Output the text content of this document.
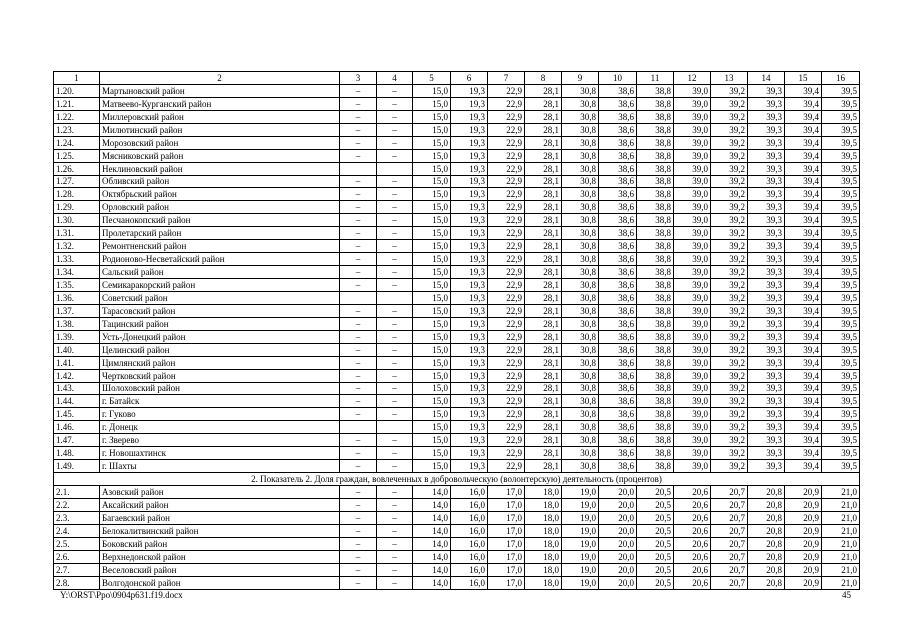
1	2	3	4	5	6	7	8	9	10	11	12	13	14	15	16
1.20.	Мартыновский район	–	–	15,0	19,3	22,9	28,1	30,8	38,6	38,8	39,0	39,2	39,3	39,4	39,5
1.21.	Матвеево-Курганский район	–	–	15,0	19,3	22,9	28,1	30,8	38,6	38,8	39,0	39,2	39,3	39,4	39,5
1.22.	Миллеровский район	–	–	15,0	19,3	22,9	28,1	30,8	38,6	38,8	39,0	39,2	39,3	39,4	39,5
1.23.	Милютинский район	–	–	15,0	19,3	22,9	28,1	30,8	38,6	38,8	39,0	39,2	39,3	39,4	39,5
1.24.	Морозовский район	–	–	15,0	19,3	22,9	28,1	30,8	38,6	38,8	39,0	39,2	39,3	39,4	39,5
1.25.	Мясниковский район	–	–	15,0	19,3	22,9	28,1	30,8	38,6	38,8	39,0	39,2	39,3	39,4	39,5
1.26.	Неклиновский район			15,0	19,3	22,9	28,1	30,8	38,6	38,8	39,0	39,2	39,3	39,4	39,5
1.27.	Обливский район	–	–	15,0	19,3	22,9	28,1	30,8	38,6	38,8	39,0	39,2	39,3	39,4	39,5
1.28.	Октябрьский район	–	–	15,0	19,3	22,9	28,1	30,8	38,6	38,8	39,0	39,2	39,3	39,4	39,5
1.29.	Орловский район	–	–	15,0	19,3	22,9	28,1	30,8	38,6	38,8	39,0	39,2	39,3	39,4	39,5
1.30.	Песчанокопский район	–	–	15,0	19,3	22,9	28,1	30,8	38,6	38,8	39,0	39,2	39,3	39,4	39,5
1.31.	Пролетарский район	–	–	15,0	19,3	22,9	28,1	30,8	38,6	38,8	39,0	39,2	39,3	39,4	39,5
1.32.	Ремонтненский район	–	–	15,0	19,3	22,9	28,1	30,8	38,6	38,8	39,0	39,2	39,3	39,4	39,5
1.33.	Родионово-Несветайский район	–	–	15,0	19,3	22,9	28,1	30,8	38,6	38,8	39,0	39,2	39,3	39,4	39,5
1.34.	Сальский район	–	–	15,0	19,3	22,9	28,1	30,8	38,6	38,8	39,0	39,2	39,3	39,4	39,5
1.35.	Семикаракорский район	–	–	15,0	19,3	22,9	28,1	30,8	38,6	38,8	39,0	39,2	39,3	39,4	39,5
1.36.	Советский район			15,0	19,3	22,9	28,1	30,8	38,6	38,8	39,0	39,2	39,3	39,4	39,5
1.37.	Тарасовский район	–	–	15,0	19,3	22,9	28,1	30,8	38,6	38,8	39,0	39,2	39,3	39,4	39,5
1.38.	Тацинский район	–	–	15,0	19,3	22,9	28,1	30,8	38,6	38,8	39,0	39,2	39,3	39,4	39,5
1.39.	Усть-Донецкий район	–	–	15,0	19,3	22,9	28,1	30,8	38,6	38,8	39,0	39,2	39,3	39,4	39,5
1.40.	Целинский район	–	–	15,0	19,3	22,9	28,1	30,8	38,6	38,8	39,0	39,2	39,3	39,4	39,5
1.41.	Цимлянский район	–	–	15,0	19,3	22,9	28,1	30,8	38,6	38,8	39,0	39,2	39,3	39,4	39,5
1.42.	Чертковский район	–	–	15,0	19,3	22,9	28,1	30,8	38,6	38,8	39,0	39,2	39,3	39,4	39,5
1.43.	Шолоховский район	–	–	15,0	19,3	22,9	28,1	30,8	38,6	38,8	39,0	39,2	39,3	39,4	39,5
1.44.	г. Батайск	–	–	15,0	19,3	22,9	28,1	30,8	38,6	38,8	39,0	39,2	39,3	39,4	39,5
1.45.	г. Гуково	–	–	15,0	19,3	22,9	28,1	30,8	38,6	38,8	39,0	39,2	39,3	39,4	39,5
1.46.	г. Донецк			15,0	19,3	22,9	28,1	30,8	38,6	38,8	39,0	39,2	39,3	39,4	39,5
1.47.	г. Зверево	–	–	15,0	19,3	22,9	28,1	30,8	38,6	38,8	39,0	39,2	39,3	39,4	39,5
1.48.	г. Новошахтинск	–	–	15,0	19,3	22,9	28,1	30,8	38,6	38,8	39,0	39,2	39,3	39,4	39,5
1.49.	г. Шахты	–	–	15,0	19,3	22,9	28,1	30,8	38,6	38,8	39,0	39,2	39,3	39,4	39,5
2. Показатель 2. Доля граждан, вовлеченных в добровольческую (волонтерскую) деятельность (процентов)															
2.1.	Азовский район	–	–	14,0	16,0	17,0	18,0	19,0	20,0	20,5	20,6	20,7	20,8	20,9	21,0
2.2.	Аксайский район	–	–	14,0	16,0	17,0	18,0	19,0	20,0	20,5	20,6	20,7	20,8	20,9	21,0
2.3.	Багаевский район	–	–	14,0	16,0	17,0	18,0	19,0	20,0	20,5	20,6	20,7	20,8	20,9	21,0
2.4.	Белокалитвинский район	–	–	14,0	16,0	17,0	18,0	19,0	20,0	20,5	20,6	20,7	20,8	20,9	21,0
2.5.	Боковский район	–	–	14,0	16,0	17,0	18,0	19,0	20,0	20,5	20,6	20,7	20,8	20,9	21,0
2.6.	Верхнедонской район	–	–	14,0	16,0	17,0	18,0	19,0	20,0	20,5	20,6	20,7	20,8	20,9	21,0
2.7.	Веселовский район	–	–	14,0	16,0	17,0	18,0	19,0	20,0	20,5	20,6	20,7	20,8	20,9	21,0
2.8.	Волгодонской район	–	–	14,0	16,0	17,0	18,0	19,0	20,0	20,5	20,6	20,7	20,8	20,9	21,0
Y:\ORST\Ppo\0904p631.f19.docx	45
